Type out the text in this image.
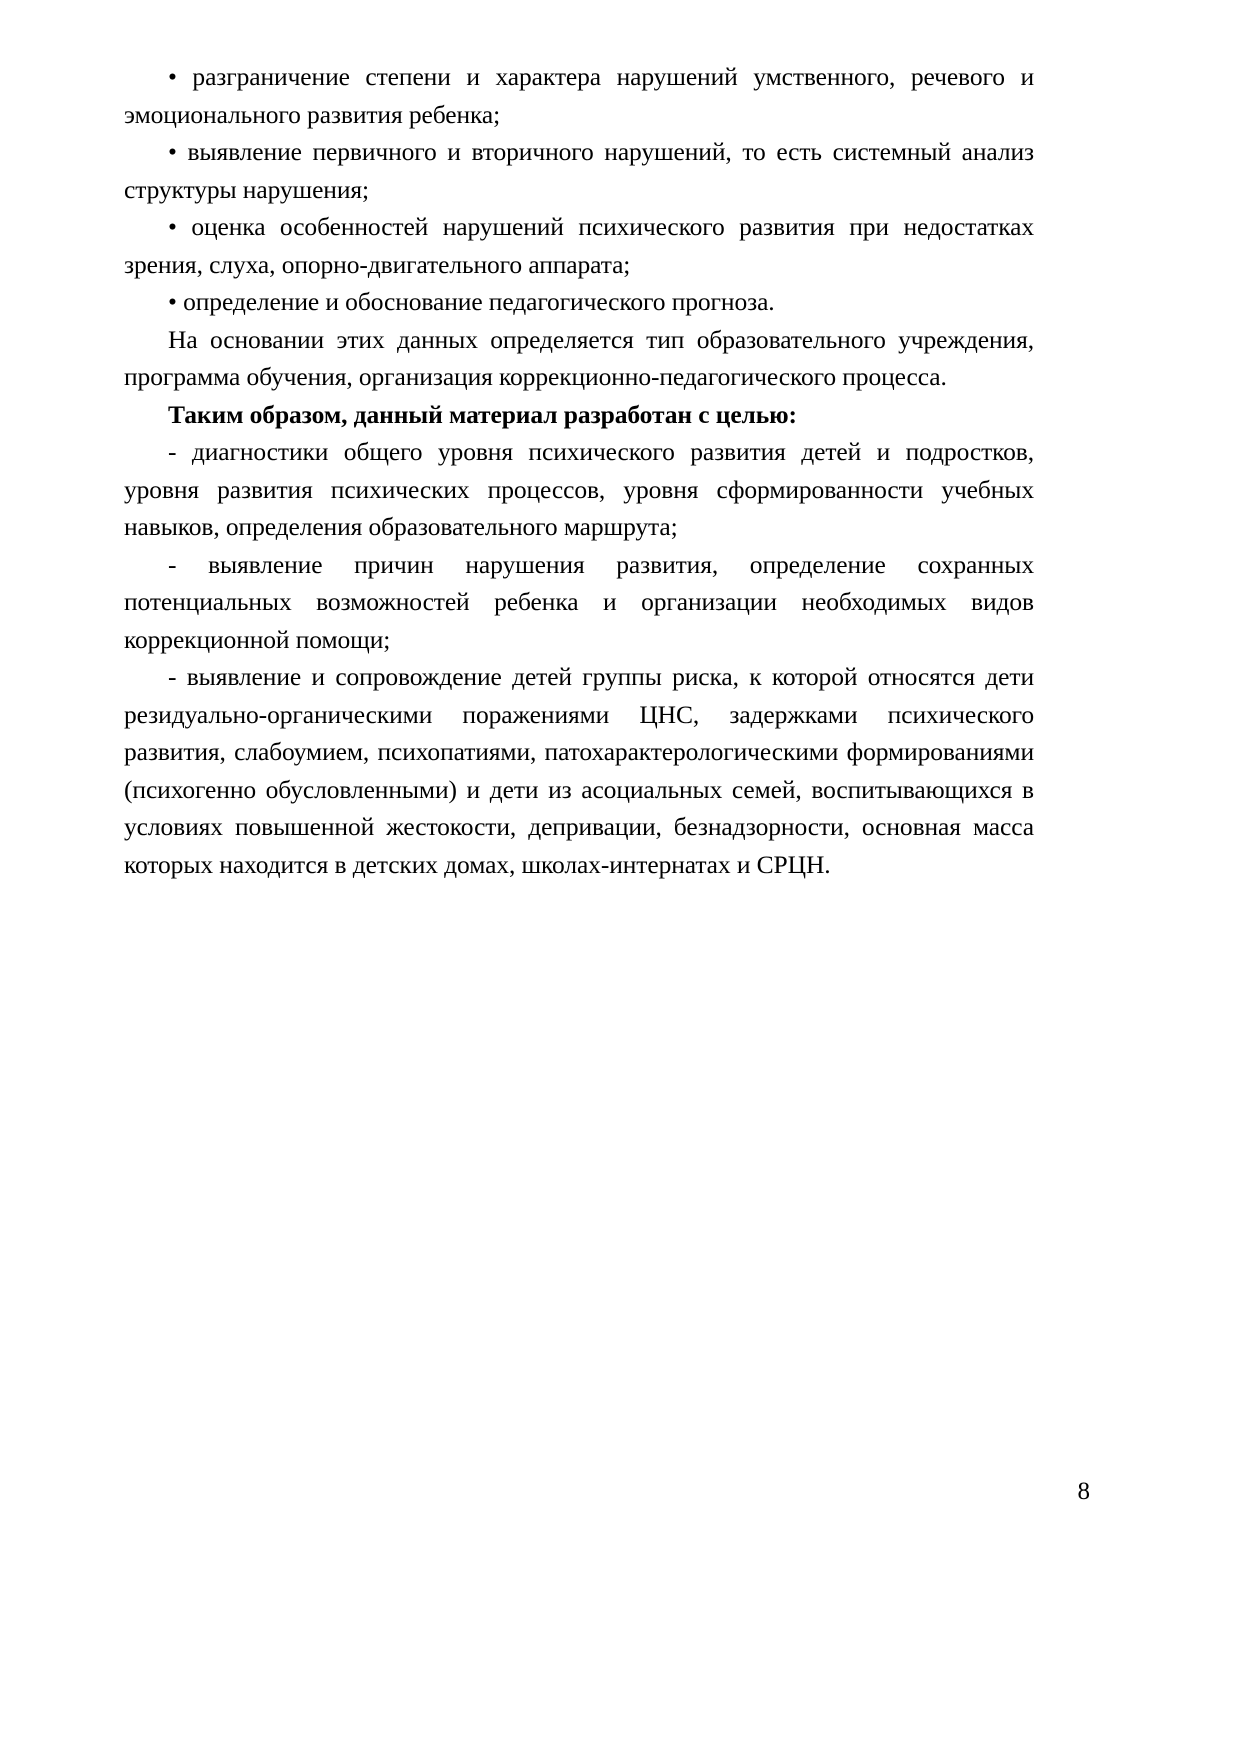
• разграничение степени и характера нарушений умственного, речевого и эмоционального развития ребенка;

• выявление первичного и вторичного нарушений, то есть системный анализ структуры нарушения;

• оценка особенностей нарушений психического развития при недостатках зрения, слуха, опорно-двигательного аппарата;

• определение и обоснование педагогического прогноза.

На основании этих данных определяется тип образовательного учреждения, программа обучения, организация коррекционно-педагогического процесса.

Таким образом, данный материал разработан с целью:

- диагностики общего уровня психического развития детей и подростков, уровня развития психических процессов, уровня сформированности учебных навыков, определения образовательного маршрута;

- выявление причин нарушения развития, определение сохранных потенциальных возможностей ребенка и организации необходимых видов коррекционной помощи;

- выявление и сопровождение детей группы риска, к которой относятся дети резидуально-органическими поражениями ЦНС, задержками психического развития, слабоумием, психопатиями, патохарактерологическими формированиями (психогенно обусловленными) и дети из асоциальных семей, воспитывающихся в условиях повышенной жестокости, депривации, безнадзорности, основная масса которых находится в детских домах, школах-интернатах и СРЦН.

8
